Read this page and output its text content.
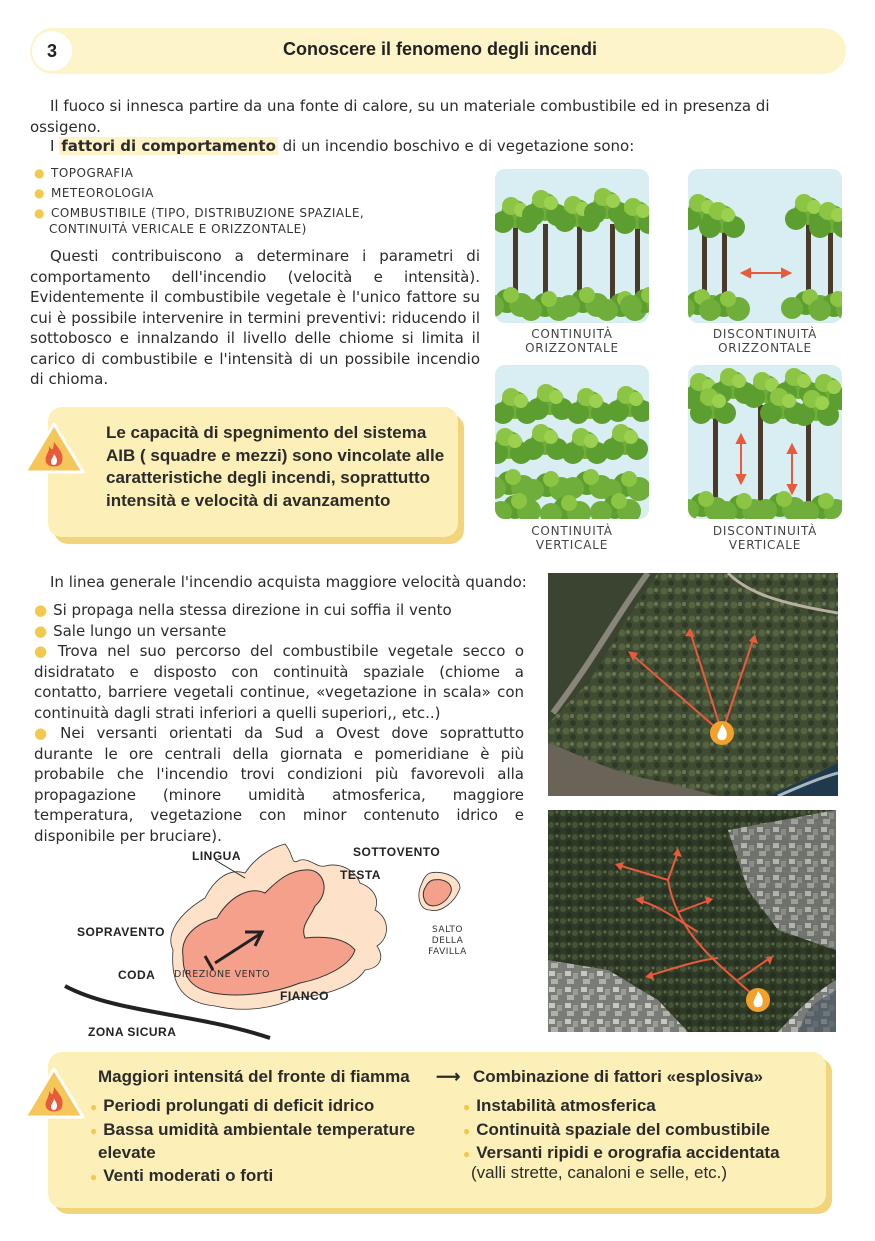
3	Conoscere il fenomeno degli incendi
Il fuoco si innesca partire da una fonte di calore, su un materiale combustibile ed in presenza di ossigeno.
I fattori di comportamento di un incendio boschivo e di vegetazione sono:
● TOPOGRAFIA
● METEOROLOGIA
● COMBUSTIBILE (TIPO, DISTRIBUZIONE SPAZIALE,
CONTINUITÁ VERICALE E ORIZZONTALE)
Questi contribuiscono a determinare i parametri di comportamento dell'incendio (velocità e intensità). Evidentemente il combustibile vegetale è l'unico fattore su cui è possibile intervenire in termini preventivi: riducendo il sottobosco e innalzando il livello delle chiome si limita il carico di combustibile e l'intensità di un possibile incendio di chioma.
Le capacità di spegnimento del sistema AIB ( squadre e mezzi) sono vincolate alle caratteristiche degli incendi, soprattutto intensità e velocità di avanzamento
CONTINUITÀ
ORIZZONTALE
DISCONTINUITÀ
ORIZZONTALE
CONTINUITÀ
VERTICALE
DISCONTINUITÀ
VERTICALE
In linea generale l'incendio acquista maggiore velocità quando:
● Si propaga nella stessa direzione in cui soffia il vento
● Sale lungo un versante
● Trova nel suo percorso del combustibile vegetale secco o disidratato e disposto con continuità spaziale (chiome a contatto, barriere vegetali continue, «vegetazione in scala» con continuità dagli strati inferiori a quelli superiori,, etc..)
● Nei versanti orientati da Sud a Ovest dove soprattutto durante le ore centrali della giornata e pomeridiane è più probabile che l'incendio trovi condizioni più favorevoli alla propagazione (minore umidità atmosferica, maggiore temperatura, vegetazione con minor contenuto idrico e disponibile per bruciare).
LINGUA	SOTTOVENTO
TESTA
SOPRAVENTO
CODA DIREZIONE VENTO
FIANCO
ZONA SICURA
SALTO
DELLA
FAVILLA
Maggiori intensitá del fronte di fiamma ⟶ Combinazione di fattori «esplosiva»
● Periodi prolungati di deficit idrico
● Bassa umidità ambientale temperature
elevate
● Venti moderati o forti
● Instabilità atmosferica
● Continuità spaziale del combustibile
● Versanti ripidi e orografia accidentata
(valli strette, canaloni e selle, etc.)
